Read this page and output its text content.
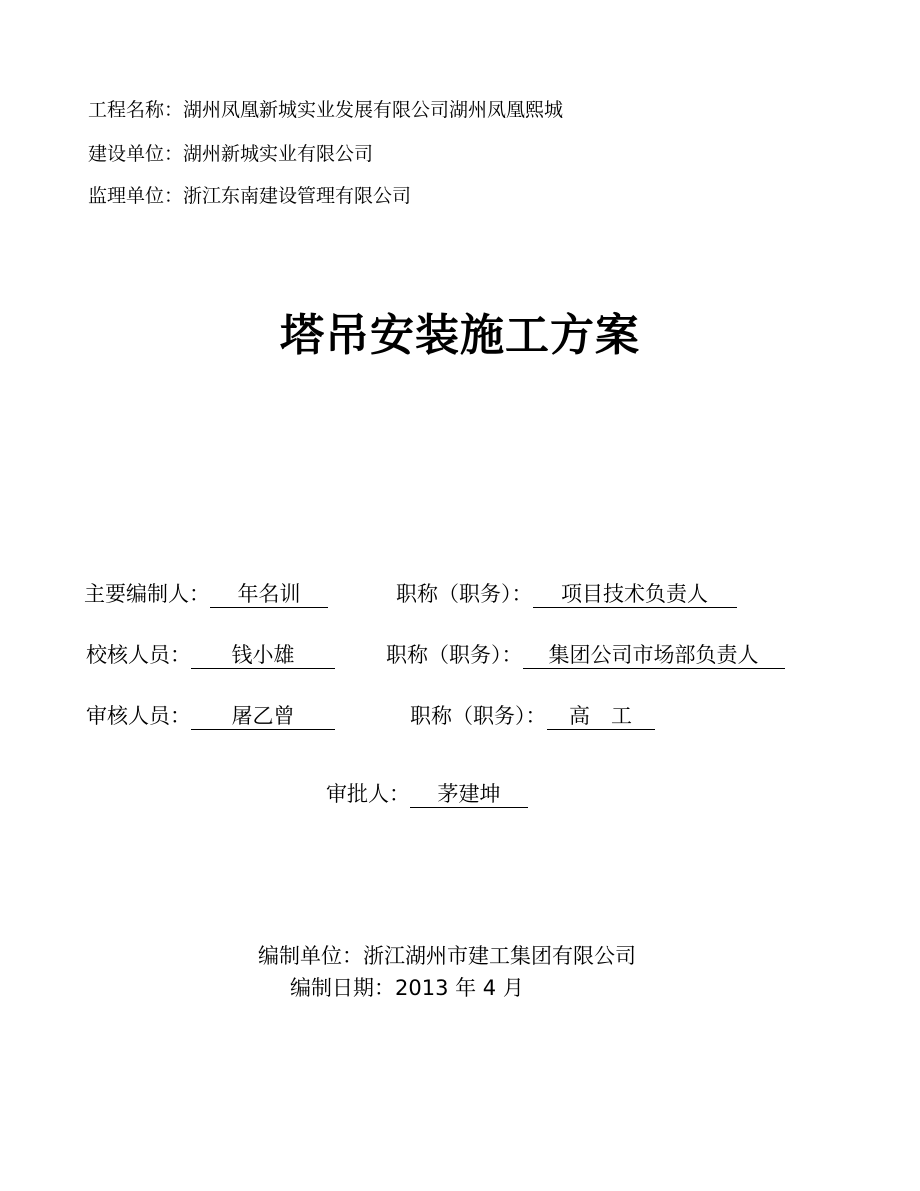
工程名称：湖州凤凰新城实业发展有限公司湖州凤凰熙城
建设单位：湖州新城实业有限公司
监理单位：浙江东南建设管理有限公司
塔吊安装施工方案
主要编制人： 年名训	职称（职务）： 项目技术负责人
校核人员： 钱小雄	职称（职务）： 集团公司市场部负责人
审核人员： 屠乙曾	职称（职务）： 高　工
审批人： 茅建坤
编制单位：浙江湖州市建工集团有限公司
编制日期：2013 年 4 月
